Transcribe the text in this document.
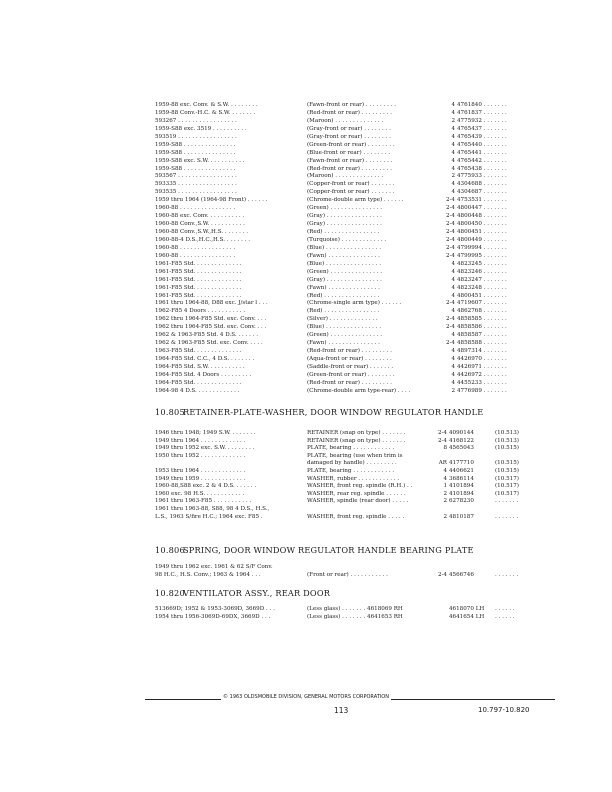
1959-88 exc. Conv. & S.W. . . . . . . . .	(Fawn-front or rear) . . . . . . . . .	4 4761840 . . . . . . .
1959-88 Conv.-H.C. & S.W. . . . . . . .	(Red-front or rear) . . . . . . . . .	4 4761837 . . . . . . .
593267 . . . . . . . . . . . . . . . . .	(Maroon) . . . . . . . . . . . . . .	2 4775932 . . . . . . .
1959-S88 exc. 3519 . . . . . . . . . .	(Gray-front or rear) . . . . . . . .	4 4765437 . . . . . . .
593519 . . . . . . . . . . . . . . . . .	(Gray-front or rear) . . . . . . . .	4 4765439 . . . . . . .
1959-S88 . . . . . . . . . . . . . . .	(Green-front or rear) . . . . . . . .	4 4765440 . . . . . . .
1959-S88 . . . . . . . . . . . . . . .	(Blue-front or rear) . . . . . . . .	4 4765441 . . . . . . .
1959-S88 exc. S.W. . . . . . . . . . .	(Fawn-front or rear) . . . . . . . .	4 4765442 . . . . . . .
1959-S88 . . . . . . . . . . . . . . .	(Red-front or rear) . . . . . . . . .	4 4765438 . . . . . . .
593567 . . . . . . . . . . . . . . . . .	(Maroon) . . . . . . . . . . . . . .	2 4775933 . . . . . . .
593335 . . . . . . . . . . . . . . . . .	(Copper-front or rear) . . . . . . .	4 4304688 . . . . . . .
593535 . . . . . . . . . . . . . . . . .	(Copper-front or rear) . . . . . . .	4 4304687 . . . . . . .
1959 thru 1964 (1964-98 Front) . . . . . .	(Chrome-double arm type) . . . . . .	2-4 4753531 . . . . . . .
1960-88 . . . . . . . . . . . . . . . .	(Green) . . . . . . . . . . . . . . .	2-4 4800447 . . . . . . .
1960-88 exc. Conv. . . . . . . . . . .	(Gray) . . . . . . . . . . . . . . . .	2-4 4800448 . . . . . . .
1960-88 Conv.,S.W. . . . . . . . . . .	(Gray) . . . . . . . . . . . . . . . .	2-4 4800450 . . . . . . .
1960-88 Conv.,S.W.,H.S. . . . . . . .	(Red) . . . . . . . . . . . . . . . .	2-4 4800451 . . . . . . .
1960-88-4 D.S.,H.C.,H.S. . . . . . . .	(Turquoise) . . . . . . . . . . . . .	2-4 4800449 . . . . . . .
1960-88 . . . . . . . . . . . . . . . .	(Blue) . . . . . . . . . . . . . . . .	2-4 4799994 . . . . . . .
1960-88 . . . . . . . . . . . . . . . .	(Fawn) . . . . . . . . . . . . . . .	2-4 4799995 . . . . . . .
1961-F85 Std. . . . . . . . . . . . . .	(Blue) . . . . . . . . . . . . . . . .	4 4823245 . . . . . . .
1961-F85 Std. . . . . . . . . . . . . .	(Green) . . . . . . . . . . . . . . .	4 4823246 . . . . . . .
1961-F85 Std. . . . . . . . . . . . . .	(Gray) . . . . . . . . . . . . . . . .	4 4823247 . . . . . . .
1961-F85 Std. . . . . . . . . . . . . .	(Fawn) . . . . . . . . . . . . . . .	4 4823248 . . . . . . .
1961-F85 Std. . . . . . . . . . . . . .	(Red) . . . . . . . . . . . . . . . .	4 4800451 . . . . . . .
1961 thru 1964-88, D88 exc. J/star l . . .	(Chrome-single arm type) . . . . . .	2-4 4719607 . . . . . . .
1962-F85 4 Doors . . . . . . . . . . .	(Red) . . . . . . . . . . . . . . . .	4 4862768 . . . . . . .
1962 thru 1964-F85 Std. exc. Conv. . . .	(Silver) . . . . . . . . . . . . . .	2-4 4858585 . . . . . . .
1962 thru 1964-F85 Std. exc. Conv. . . .	(Blue) . . . . . . . . . . . . . . . .	2-4 4858586 . . . . . . .
1962 & 1963-F85 Std. 4 D.S. . . . . . .	(Green) . . . . . . . . . . . . . . .	4 4858587 . . . . . . .
1962 & 1963-F85 Std. exc. Conv. . . . .	(Fawn) . . . . . . . . . . . . . . .	2-4 4858588 . . . . . . .
1963-F85 Std. . . . . . . . . . . . . .	(Red-front or rear) . . . . . . . . .	4 4897314 . . . . . . .
1964-F85 Std. C.C., 4 D.S. . . . . . . .	(Aqua-front or rear) . . . . . . . .	4 4426970 . . . . . . .
1964-F85 Std. S.W. . . . . . . . . . .	(Saddle-front or rear) . . . . . . .	4 4426971 . . . . . . .
1964-F85 Std. 4 Doors . . . . . . . . .	(Green-front or rear) . . . . . . . .	4 4426972 . . . . . . .
1964-F85 Std. . . . . . . . . . . . . .	(Red-front or rear) . . . . . . . . .	4 4455233 . . . . . . .
1964-98 4 D.S. . . . . . . . . . . . .	(Chrome-double arm type-rear) . . . .	2 4776989 . . . . . . .
10.805
RETAINER-PLATE-WASHER, DOOR WINDOW REGULATOR HANDLE
1946 thru 1948; 1949 S.W. . . . . . . .	RETAINER (snap on type) . . . . . . .	2-4 4090144	(10.513)
1949 thru 1964 . . . . . . . . . . . . .	RETAINER (snap on type) . . . . . . .	2-4 4168122	(10.513)
1949 thru 1952 exc. S.W. . . . . . . . .	PLATE, bearing . . . . . . . . . . . .	8 4565043	(10.515)
1950 thru 1952 . . . . . . . . . . . . .	PLATE, bearing (use when trim is
damaged by handle) . . . . . . . . .	AR 4177710	(10.515)
1953 thru 1964 . . . . . . . . . . . . .	PLATE, bearing . . . . . . . . . . . .	4 4406621	(10.515)
1949 thru 1959 . . . . . . . . . . . . .	WASHER, rubber . . . . . . . . . . . .	4 3686114	(10.517)
1960-88,S88 exc. 2 & 4 D.S. . . . . . .	WASHER, front reg. spindle (R.H.) . .	1 4101894	(10.517)
1960 exc. 98 H.S. . . . . . . . . . . .	WASHER, rear reg. spindle . . . . . .	2 4101894	(10.517)
1961 thru 1963-F85 . . . . . . . . . . .	WASHER, spindle (rear door) . . . . .	2 6278230	. . . . . . .
1961 thru 1963-88, S88, 98 4 D.S., H.S.,
L.S., 1963 S/fire H.C.; 1964 exc. F85 .	WASHER, front reg. spindle . . . . .	2 4810187	. . . . . . .
10.806
SPRING, DOOR WINDOW REGULATOR HANDLE BEARING PLATE
1949 thru 1962 exc. 1961 & 62 S/F Conv.
98 H.C., H.S. Conv.; 1963 & 1964 . . .	(Front or rear) . . . . . . . . . . .	2-4 4566746	. . . . . . .
10.820
VENTILATOR ASSY., REAR DOOR
513669D; 1952 & 1953-3069D, 3669D . . .	(Less glass) . . . . . . . 4618069 RH	4618070 LH	. . . . . .
1954 thru 1956-3069D-69DX, 3669D . . .	(Less glass) . . . . . . . 4641653 RH	4641654 LH	. . . . . .
© 1963 OLDSMOBILE DIVISION, GENERAL MOTORS CORPORATION
113	10.797-10.820
